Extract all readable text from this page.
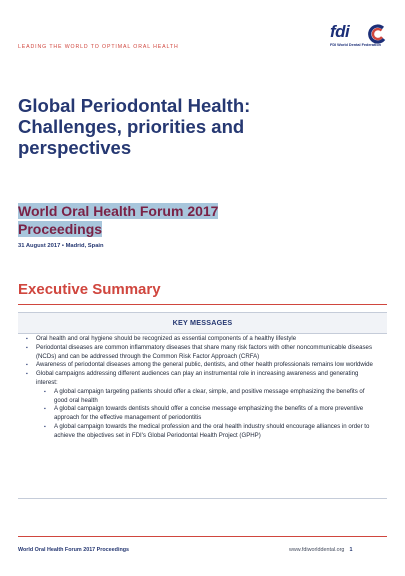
LEADING THE WORLD TO OPTIMAL ORAL HEALTH
fdi
FDI World Dental Federation
Global Periodontal Health: Challenges, priorities and perspectives
World Oral Health Forum 2017 Proceedings
31 August 2017 • Madrid, Spain
Executive Summary
KEY MESSAGES
▪ Oral health and oral hygiene should be recognized as essential components of a healthy lifestyle
▪ Periodontal diseases are common inflammatory diseases that share many risk factors with other noncommunicable diseases (NCDs) and can be addressed through the Common Risk Factor Approach (CRFA)
▪ Awareness of periodontal diseases among the general public, dentists, and other health professionals remains low worldwide
▪ Global campaigns addressing different audiences can play an instrumental role in increasing awareness and generating interest:
▪ A global campaign targeting patients should offer a clear, simple, and positive message emphasizing the benefits of good oral health
▪ A global campaign towards dentists should offer a concise message emphasizing the benefits of a more preventive approach for the effective management of periodontitis
▪ A global campaign towards the medical profession and the oral health industry should encourage alliances in order to achieve the objectives set in FDI's Global Periodontal Health Project (GPHP)
World Oral Health Forum 2017 Proceedings	www.fdiworlddental.org 1
